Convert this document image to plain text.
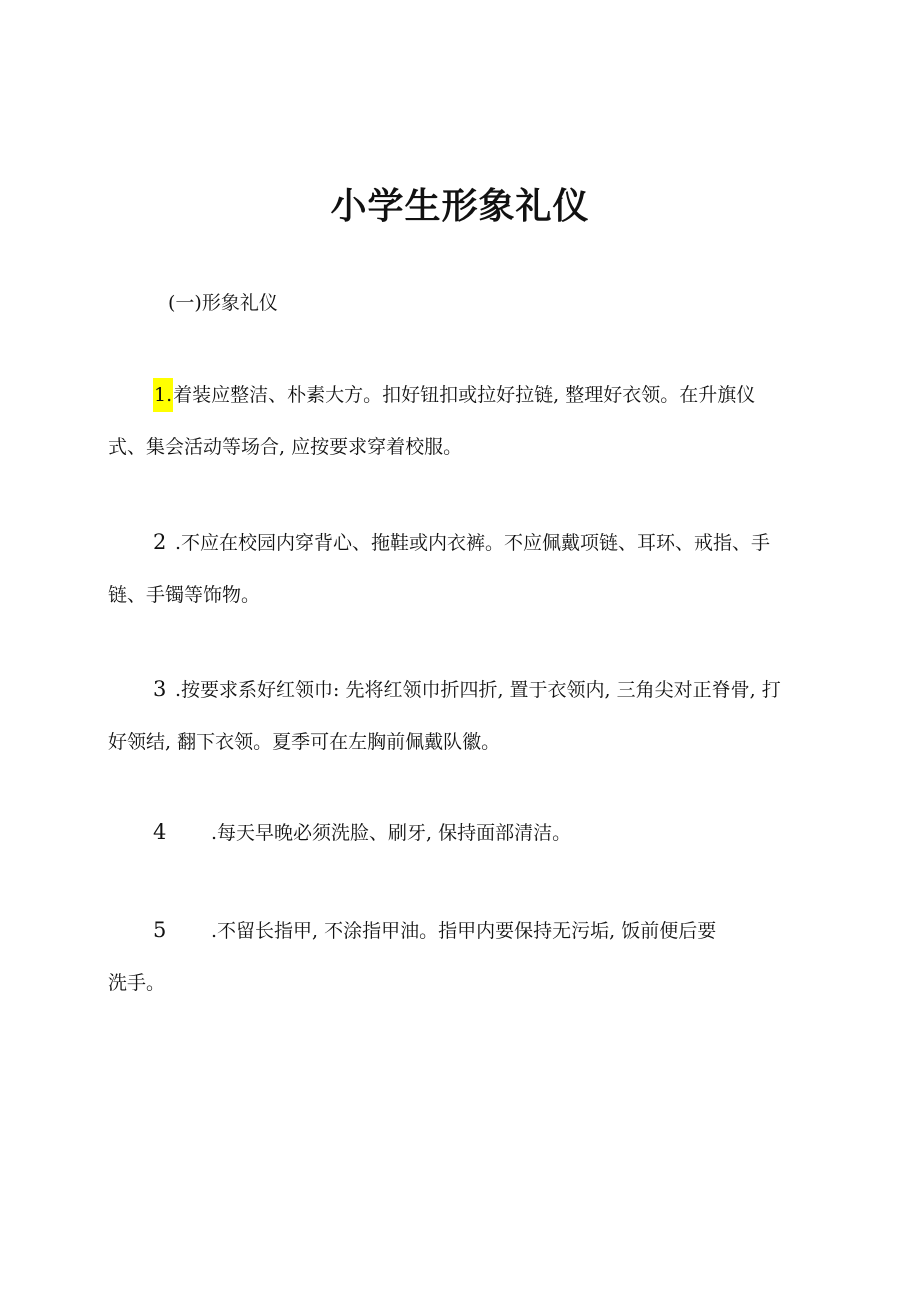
小学生形象礼仪
(一)形象礼仪
1.着装应整洁、朴素大方。扣好钮扣或拉好拉链, 整理好衣领。在升旗仪
式、集会活动等场合, 应按要求穿着校服。
2 .不应在校园内穿背心、拖鞋或内衣裤。不应佩戴项链、耳环、戒指、手
链、手镯等饰物。
3 .按要求系好红领巾: 先将红领巾折四折, 置于衣领内, 三角尖对正脊骨, 打
好领结, 翻下衣领。夏季可在左胸前佩戴队徽。
4 .每天早晚必须洗脸、刷牙, 保持面部清洁。
5 .不留长指甲, 不涂指甲油。指甲内要保持无污垢, 饭前便后要
洗手。
